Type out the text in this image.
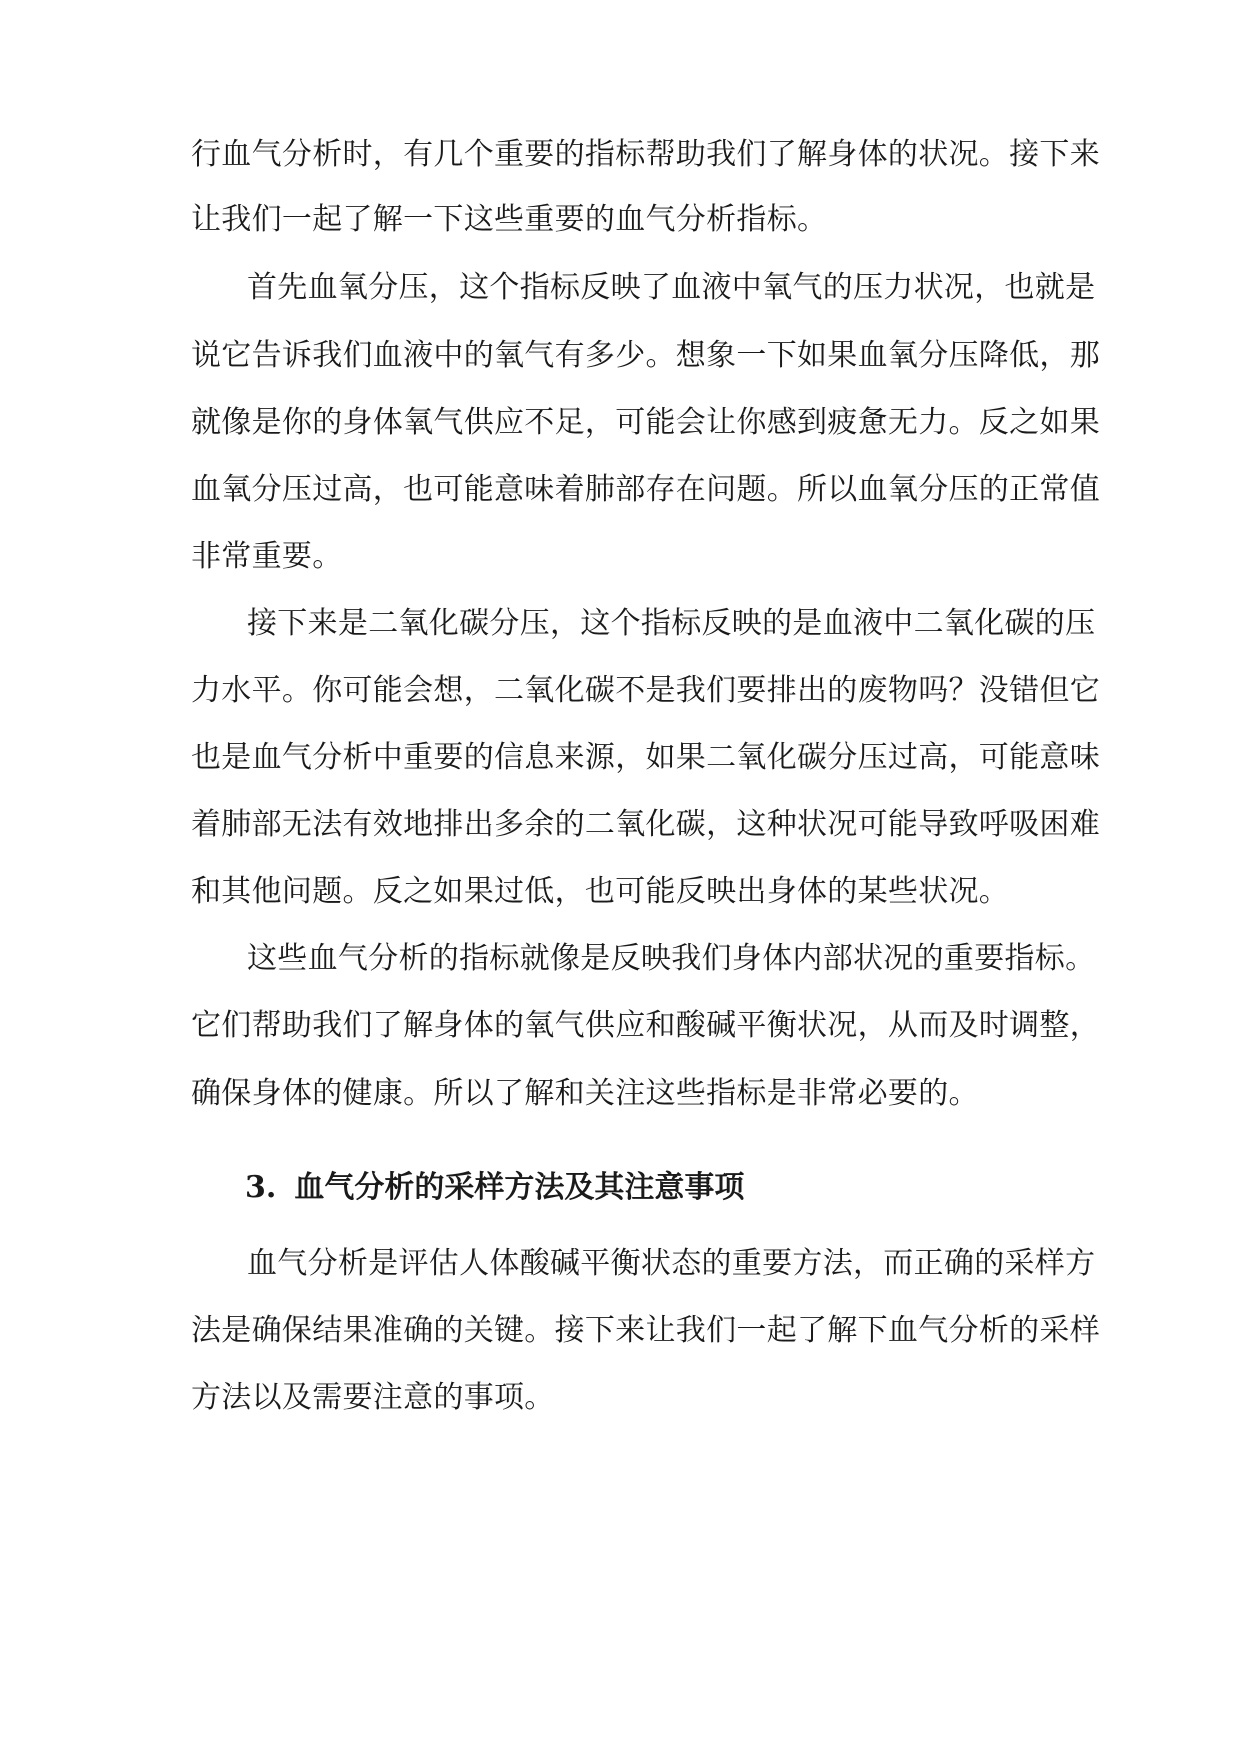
行血气分析时，有几个重要的指标帮助我们了解身体的状况。接下来
让我们一起了解一下这些重要的血气分析指标。
首先血氧分压，这个指标反映了血液中氧气的压力状况，也就是
说它告诉我们血液中的氧气有多少。想象一下如果血氧分压降低，那
就像是你的身体氧气供应不足，可能会让你感到疲惫无力。反之如果
血氧分压过高，也可能意味着肺部存在问题。所以血氧分压的正常值
非常重要。
接下来是二氧化碳分压，这个指标反映的是血液中二氧化碳的压
力水平。你可能会想，二氧化碳不是我们要排出的废物吗？没错但它
也是血气分析中重要的信息来源，如果二氧化碳分压过高，可能意味
着肺部无法有效地排出多余的二氧化碳，这种状况可能导致呼吸困难
和其他问题。反之如果过低，也可能反映出身体的某些状况。
这些血气分析的指标就像是反映我们身体内部状况的重要指标。
它们帮助我们了解身体的氧气供应和酸碱平衡状况，从而及时调整，
确保身体的健康。所以了解和关注这些指标是非常必要的。
3. 血气分析的采样方法及其注意事项
血气分析是评估人体酸碱平衡状态的重要方法，而正确的采样方
法是确保结果准确的关键。接下来让我们一起了解下血气分析的采样
方法以及需要注意的事项。
